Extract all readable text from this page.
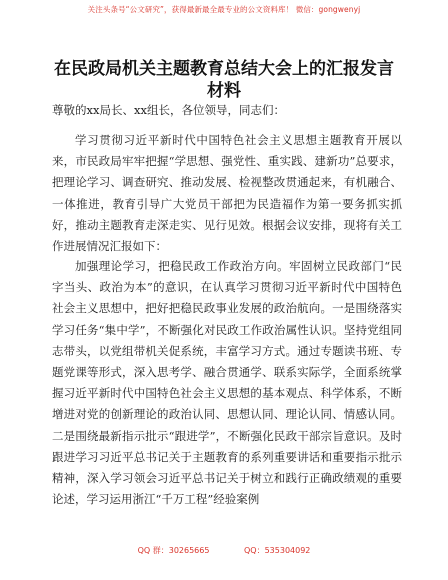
关注头条号“公文研究”，获得最新最全最专业的公文资料库！ 微信：gongwenyj
在民政局机关主题教育总结大会上的汇报发言材料
尊敬的xx局长、xx组长，各位领导，同志们：
学习贯彻习近平新时代中国特色社会主义思想主题教育开展以来，市民政局牢牢把握“学思想、强党性、重实践、建新功”总要求，把理论学习、调查研究、推动发展、检视整改贯通起来，有机融合、一体推进，教育引导广大党员干部把为民造福作为第一要务抓实抓好，推动主题教育走深走实、见行见效。根据会议安排，现将有关工作进展情况汇报如下：
加强理论学习，把稳民政工作政治方向。牢固树立民政部门“民字当头、政治为本”的意识，在认真学习贯彻习近平新时代中国特色社会主义思想中，把好把稳民政事业发展的政治航向。一是围绕落实学习任务“集中学”，不断强化对民政工作政治属性认识。坚持党组同志带头，以党组带机关促系统，丰富学习方式。通过专题读书班、专题党课等形式，深入思考学、融合贯通学、联系实际学，全面系统掌握习近平新时代中国特色社会主义思想的基本观点、科学体系，不断增进对党的创新理论的政治认同、思想认同、理论认同、情感认同。二是围绕最新指示批示“跟进学”，不断强化民政干部宗旨意识。及时跟进学习习近平总书记关于主题教育的系列重要讲话和重要指示批示精神，深入学习领会习近平总书记关于树立和践行正确政绩观的重要论述，学习运用浙江“千万工程”经验案例
QQ 群：30265665	QQ：535304092
